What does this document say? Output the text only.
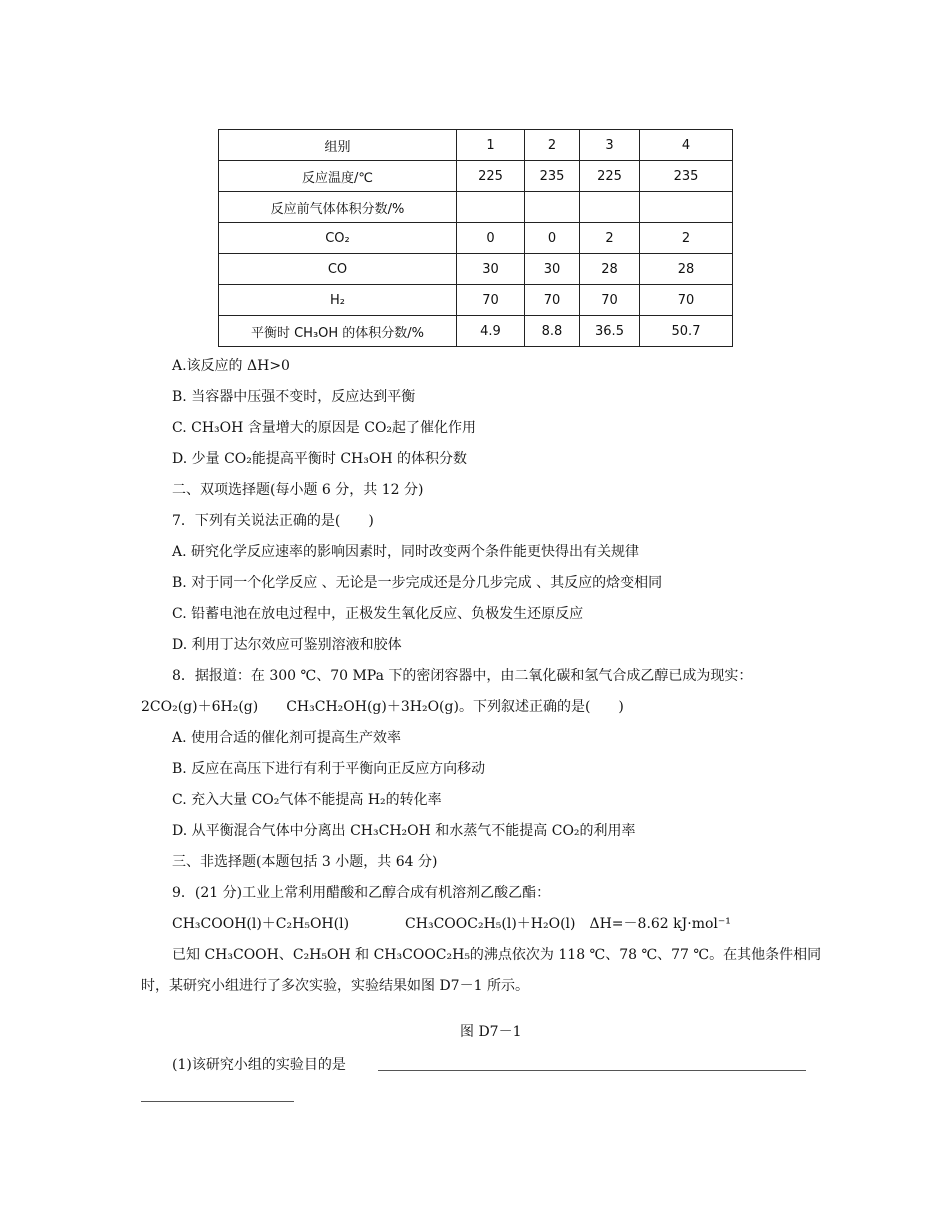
组别	1	2	3	4
反应温度/℃	225	235	225	235
反应前气体体积分数/%				
CO₂	0	0	2	2
CO	30	30	28	28
H₂	70	70	70	70
平衡时 CH₃OH 的体积分数/%	4.9	8.8	36.5	50.7
A.该反应的 ΔH>0
B. 当容器中压强不变时，反应达到平衡
C. CH₃OH 含量增大的原因是 CO₂起了催化作用
D. 少量 CO₂能提高平衡时 CH₃OH 的体积分数
二、双项选择题(每小题 6 分，共 12 分)
7．下列有关说法正确的是(　　)
A. 研究化学反应速率的影响因素时，同时改变两个条件能更快得出有关规律
B. 对于同一个化学反应 、无论是一步完成还是分几步完成 、其反应的焓变相同
C. 铅蓄电池在放电过程中，正极发生氧化反应、负极发生还原反应
D. 利用丁达尔效应可鉴别溶液和胶体
8．据报道：在 300 ℃、70 MPa 下的密闭容器中，由二氧化碳和氢气合成乙醇已成为现实：
2CO₂(g)＋6H₂(g)　　CH₃CH₂OH(g)＋3H₂O(g)。下列叙述正确的是(　　)
A. 使用合适的催化剂可提高生产效率
B. 反应在高压下进行有利于平衡向正反应方向移动
C. 充入大量 CO₂气体不能提高 H₂的转化率
D. 从平衡混合气体中分离出 CH₃CH₂OH 和水蒸气不能提高 CO₂的利用率
三、非选择题(本题包括 3 小题，共 64 分)
9．(21 分)工业上常利用醋酸和乙醇合成有机溶剂乙酸乙酯：
CH₃COOH(l)＋C₂H₅OH(l)　　　　CH₃COOC₂H₅(l)＋H₂O(l)　ΔH=－8.62 kJ·mol⁻¹
已知 CH₃COOH、C₂H₅OH 和 CH₃COOC₂H₅的沸点依次为 118 ℃、78 ℃、77 ℃。在其他条件相同
时，某研究小组进行了多次实验，实验结果如图 D7－1 所示。
图 D7－1
(1)该研究小组的实验目的是
